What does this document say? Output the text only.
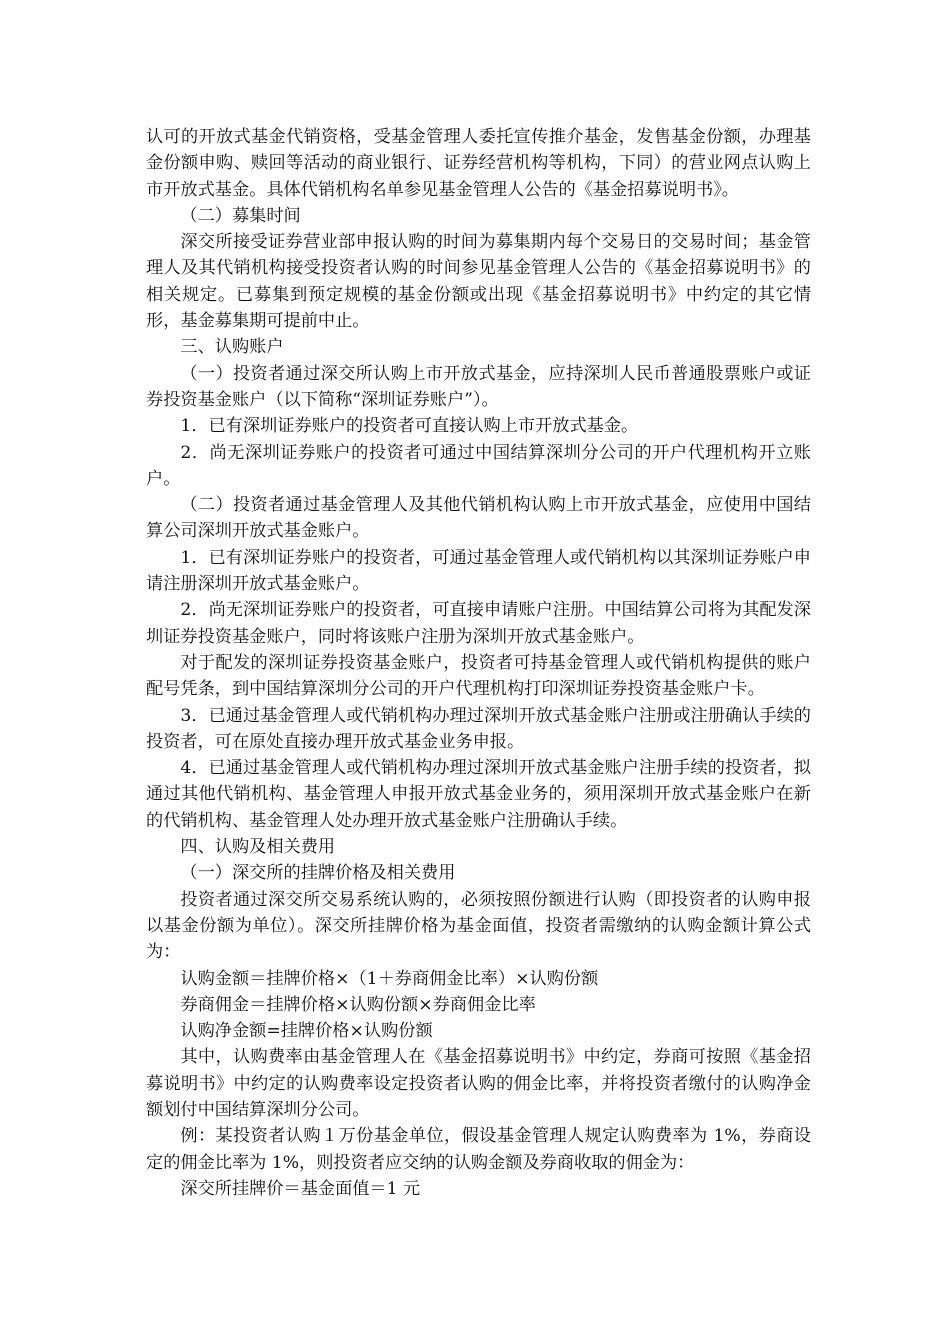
认可的开放式基金代销资格，受基金管理人委托宣传推介基金，发售基金份额，办理基金份额申购、赎回等活动的商业银行、证券经营机构等机构，下同）的营业网点认购上市开放式基金。具体代销机构名单参见基金管理人公告的《基金招募说明书》。

（二）募集时间

深交所接受证券营业部申报认购的时间为募集期内每个交易日的交易时间；基金管理人及其代销机构接受投资者认购的时间参见基金管理人公告的《基金招募说明书》的相关规定。已募集到预定规模的基金份额或出现《基金招募说明书》中约定的其它情形，基金募集期可提前中止。

三、认购账户

（一）投资者通过深交所认购上市开放式基金，应持深圳人民币普通股票账户或证券投资基金账户（以下简称“深圳证券账户”）。

1．已有深圳证券账户的投资者可直接认购上市开放式基金。

2．尚无深圳证券账户的投资者可通过中国结算深圳分公司的开户代理机构开立账户。

（二）投资者通过基金管理人及其他代销机构认购上市开放式基金，应使用中国结算公司深圳开放式基金账户。

1．已有深圳证券账户的投资者，可通过基金管理人或代销机构以其深圳证券账户申请注册深圳开放式基金账户。

2．尚无深圳证券账户的投资者，可直接申请账户注册。中国结算公司将为其配发深圳证券投资基金账户，同时将该账户注册为深圳开放式基金账户。

对于配发的深圳证券投资基金账户，投资者可持基金管理人或代销机构提供的账户配号凭条，到中国结算深圳分公司的开户代理机构打印深圳证券投资基金账户卡。

3．已通过基金管理人或代销机构办理过深圳开放式基金账户注册或注册确认手续的投资者，可在原处直接办理开放式基金业务申报。

4．已通过基金管理人或代销机构办理过深圳开放式基金账户注册手续的投资者，拟通过其他代销机构、基金管理人申报开放式基金业务的，须用深圳开放式基金账户在新的代销机构、基金管理人处办理开放式基金账户注册确认手续。

四、认购及相关费用

（一）深交所的挂牌价格及相关费用

投资者通过深交所交易系统认购的，必须按照份额进行认购（即投资者的认购申报以基金份额为单位）。深交所挂牌价格为基金面值，投资者需缴纳的认购金额计算公式为：

认购金额＝挂牌价格×（1＋券商佣金比率）×认购份额

券商佣金＝挂牌价格×认购份额×券商佣金比率

认购净金额=挂牌价格×认购份额

其中，认购费率由基金管理人在《基金招募说明书》中约定，券商可按照《基金招募说明书》中约定的认购费率设定投资者认购的佣金比率，并将投资者缴付的认购净金额划付中国结算深圳分公司。

例：某投资者认购１万份基金单位，假设基金管理人规定认购费率为 1%，券商设定的佣金比率为 1%，则投资者应交纳的认购金额及券商收取的佣金为：

深交所挂牌价＝基金面值＝1 元
